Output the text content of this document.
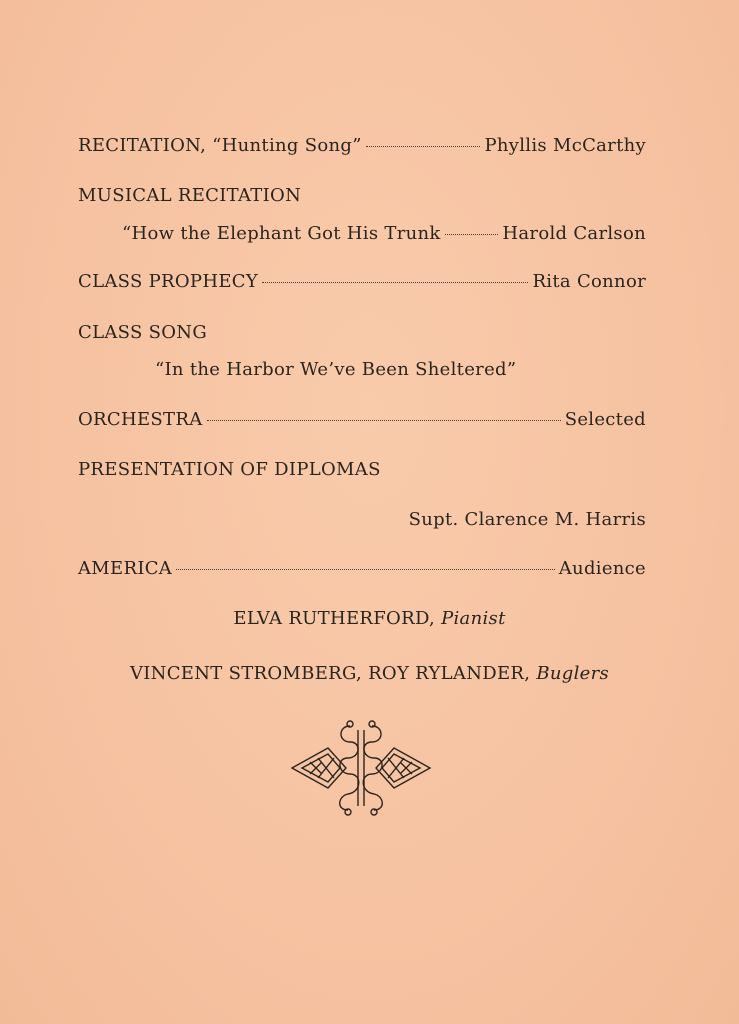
RECITATION, “Hunting Song”	Phyllis McCarthy
MUSICAL RECITATION
“How the Elephant Got His Trunk	Harold Carlson
CLASS PROPHECY	Rita Connor
CLASS SONG
“In the Harbor We’ve Been Sheltered”
ORCHESTRA	Selected
PRESENTATION OF DIPLOMAS
Supt. Clarence M. Harris
AMERICA	Audience
ELVA RUTHERFORD, Pianist
VINCENT STROMBERG, ROY RYLANDER, Buglers
